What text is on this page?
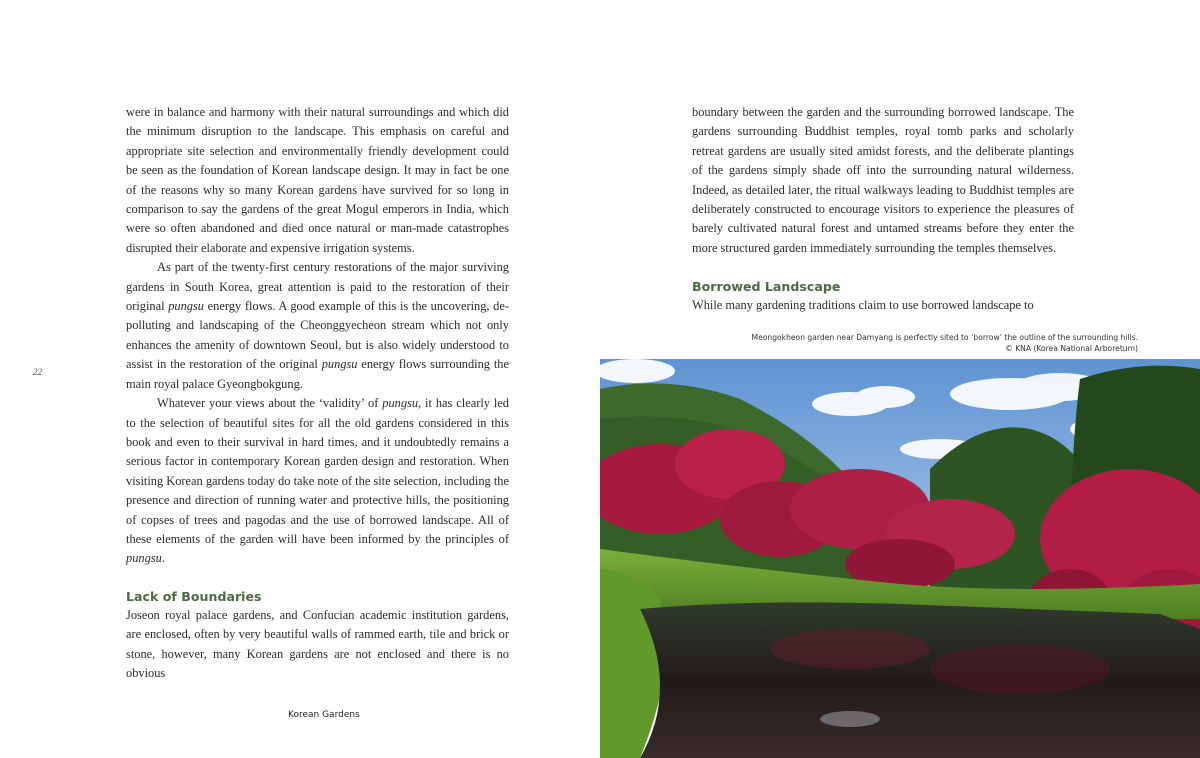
22

were in balance and harmony with their natural surroundings and which did the minimum disruption to the landscape. This emphasis on careful and appropriate site selection and environmentally friendly development could be seen as the foundation of Korean landscape design. It may in fact be one of the reasons why so many Korean gardens have survived for so long in comparison to say the gardens of the great Mogul emperors in India, which were so often abandoned and died once natural or man-made catastrophes disrupted their elaborate and expensive irrigation systems.

As part of the twenty-first century restorations of the major surviving gardens in South Korea, great attention is paid to the restoration of their original pungsu energy flows. A good example of this is the uncovering, de-polluting and landscaping of the Cheonggyecheon stream which not only enhances the amenity of downtown Seoul, but is also widely understood to assist in the restoration of the original pungsu energy flows surrounding the main royal palace Gyeongbokgung.

Whatever your views about the ‘validity’ of pungsu, it has clearly led to the selection of beautiful sites for all the old gardens considered in this book and even to their survival in hard times, and it undoubtedly remains a serious factor in contemporary Korean garden design and restoration. When visiting Korean gardens today do take note of the site selection, including the presence and direction of running water and protective hills, the positioning of copses of trees and pagodas and the use of borrowed landscape. All of these elements of the garden will have been informed by the principles of pungsu.

Lack of Boundaries

Joseon royal palace gardens, and Confucian academic institution gardens, are enclosed, often by very beautiful walls of rammed earth, tile and brick or stone, however, many Korean gardens are not enclosed and there is no obvious

Korean Gardens

boundary between the garden and the surrounding borrowed landscape. The gardens surrounding Buddhist temples, royal tomb parks and scholarly retreat gardens are usually sited amidst forests, and the deliberate plantings of the gardens simply shade off into the surrounding natural wilderness. Indeed, as detailed later, the ritual walkways leading to Buddhist temples are deliberately constructed to encourage visitors to experience the pleasures of barely cultivated natural forest and untamed streams before they enter the more structured garden immediately surrounding the temples themselves.

Borrowed Landscape

While many gardening traditions claim to use borrowed landscape to

Meongokheon garden near Damyang is perfectly sited to ‘borrow’ the outline of the surrounding hills.
© KNA (Korea National Arboretum)
